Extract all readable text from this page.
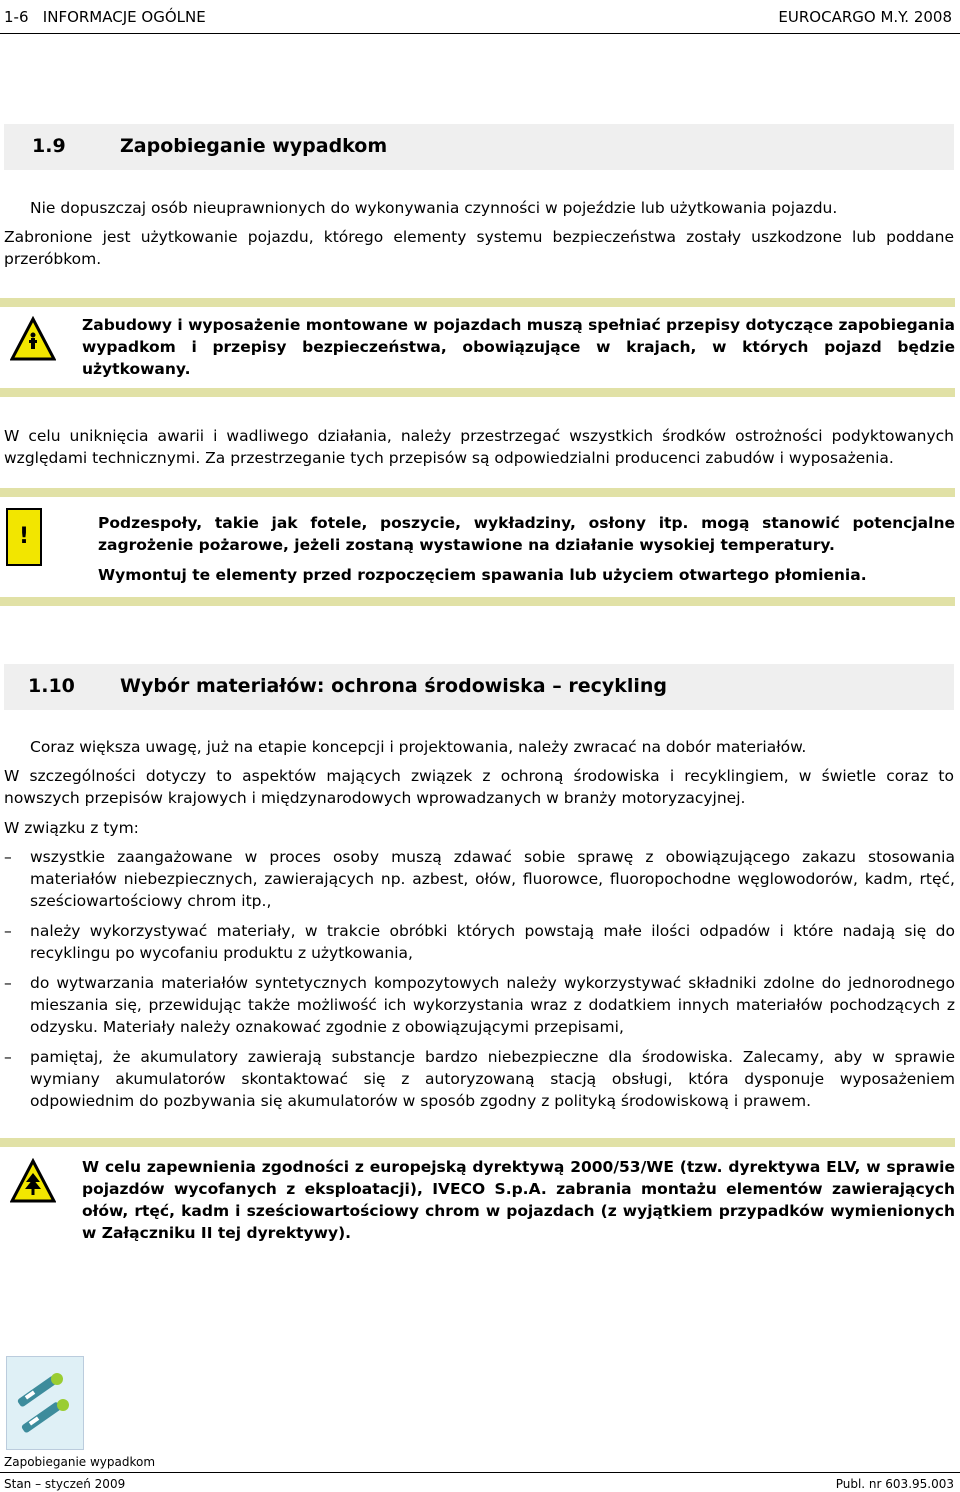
1-6   INFORMACJE OGÓLNE	EUROCARGO M.Y. 2008
1.9	Zapobieganie wypadkom
Nie dopuszczaj osób nieuprawnionych do wykonywania czynności w pojeździe lub użytkowania pojazdu.
Zabronione jest użytkowanie pojazdu, którego elementy systemu bezpieczeństwa zostały uszkodzone lub poddane przeróbkom.
Zabudowy i wyposażenie montowane w pojazdach muszą spełniać przepisy dotyczące zapobiegania wypadkom i przepisy bezpieczeństwa, obowiązujące w krajach, w których pojazd będzie użytkowany.
W celu uniknięcia awarii i wadliwego działania, należy przestrzegać wszystkich środków ostrożności podyktowanych względami technicznymi. Za przestrzeganie tych przepisów są odpowiedzialni producenci zabudów i wyposażenia.
!
Podzespoły, takie jak fotele, poszycie, wykładziny, osłony itp. mogą stanowić potencjalne zagrożenie pożarowe, jeżeli zostaną wystawione na działanie wysokiej temperatury.
Wymontuj te elementy przed rozpoczęciem spawania lub użyciem otwartego płomienia.
1.10 Wybór materiałów: ochrona środowiska – recykling
Coraz większa uwagę, już na etapie koncepcji i projektowania, należy zwracać na dobór materiałów.
W szczególności dotyczy to aspektów mających związek z ochroną środowiska i recyklingiem, w świetle coraz to nowszych przepisów krajowych i międzynarodowych wprowadzanych w branży motoryzacyjnej.
W związku z tym:
–	wszystkie zaangażowane w proces osoby muszą zdawać sobie sprawę z obowiązującego zakazu stosowania materiałów niebezpiecznych, zawierających np. azbest, ołów, fluorowce, fluoropochodne węglowodorów, kadm, rtęć, sześciowartościowy chrom itp.,
–	należy wykorzystywać materiały, w trakcie obróbki których powstają małe ilości odpadów i które nadają się do recyklingu po wycofaniu produktu z użytkowania,
–	do wytwarzania materiałów syntetycznych kompozytowych należy wykorzystywać składniki zdolne do jednorodnego mieszania się, przewidując także możliwość ich wykorzystania wraz z dodatkiem innych materiałów pochodzących z odzysku. Materiały należy oznakować zgodnie z obowiązującymi przepisami,
–	pamiętaj, że akumulatory zawierają substancje bardzo niebezpieczne dla środowiska. Zalecamy, aby w sprawie wymiany akumulatorów skontaktować się z autoryzowaną stacją obsługi, która dysponuje wyposażeniem odpowiednim do pozbywania się akumulatorów w sposób zgodny z polityką środowiskową i prawem.
W celu zapewnienia zgodności z europejską dyrektywą 2000/53/WE (tzw. dyrektywa ELV, w sprawie pojazdów wycofanych z eksploatacji), IVECO S.p.A. zabrania montażu elementów zawierających ołów, rtęć, kadm i sześciowartościowy chrom w pojazdach (z wyjątkiem przypadków wymienionych w Załączniku II tej dyrektywy).
Zapobieganie wypadkom
Stan – styczeń 2009	Publ. nr 603.95.003
